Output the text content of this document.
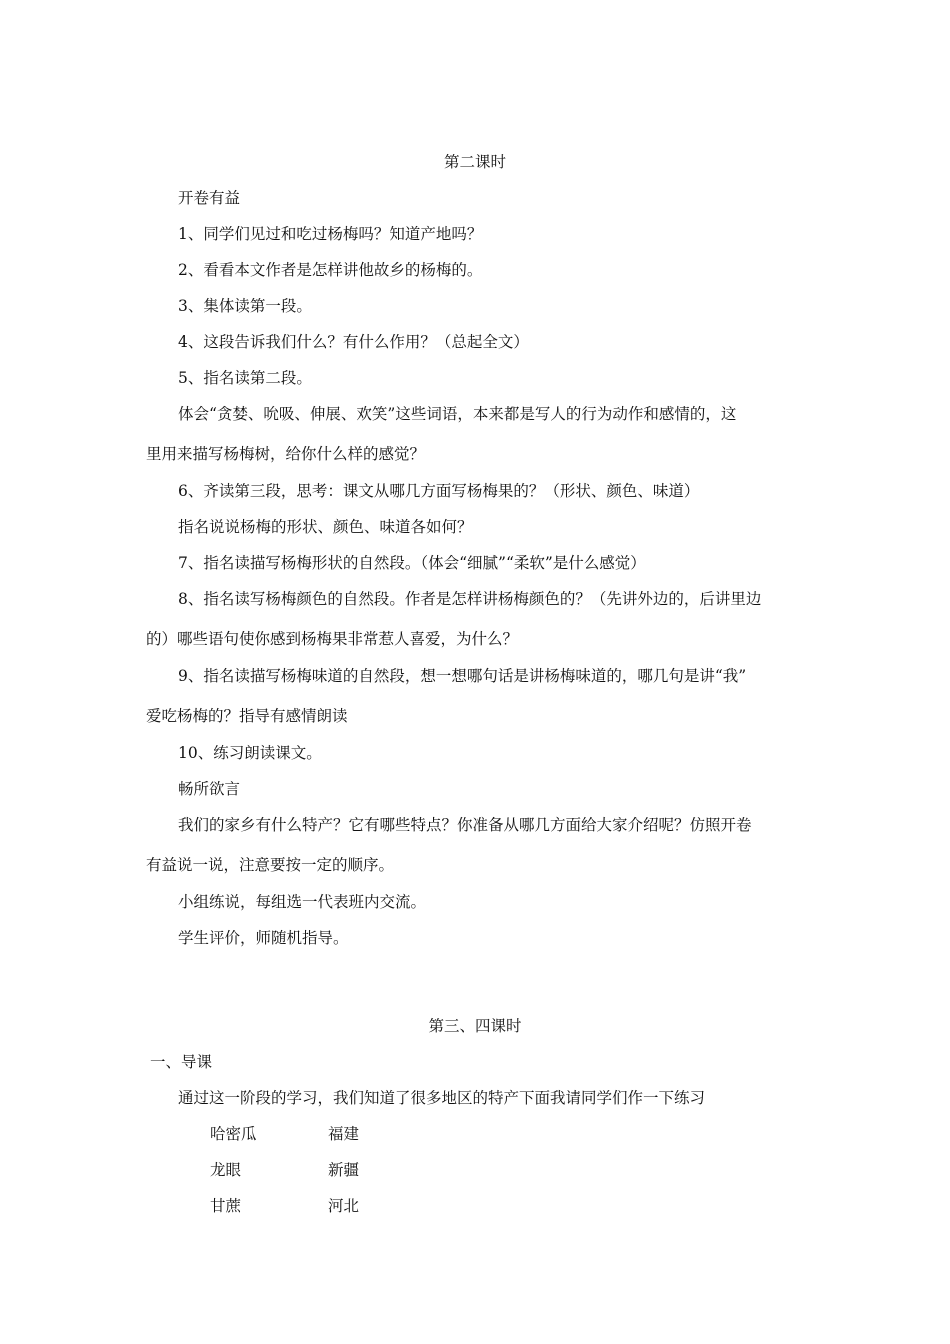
第二课时

开卷有益

1、同学们见过和吃过杨梅吗？知道产地吗？

2、看看本文作者是怎样讲他故乡的杨梅的。

3、集体读第一段。

4、这段告诉我们什么？有什么作用？（总起全文）

5、指名读第二段。

体会“贪婪、吮吸、伸展、欢笑”这些词语，本来都是写人的行为动作和感情的，这

里用来描写杨梅树，给你什么样的感觉？

6、齐读第三段，思考：课文从哪几方面写杨梅果的？（形状、颜色、味道）

指名说说杨梅的形状、颜色、味道各如何？

7、指名读描写杨梅形状的自然段。（体会“细腻”“柔软”是什么感觉）

8、指名读写杨梅颜色的自然段。作者是怎样讲杨梅颜色的？（先讲外边的，后讲里边

的）哪些语句使你感到杨梅果非常惹人喜爱，为什么？

9、指名读描写杨梅味道的自然段，想一想哪句话是讲杨梅味道的，哪几句是讲“我”

爱吃杨梅的？指导有感情朗读

10、练习朗读课文。

畅所欲言

我们的家乡有什么特产？它有哪些特点？你准备从哪几方面给大家介绍呢？仿照开卷

有益说一说，注意要按一定的顺序。

小组练说，每组选一代表班内交流。

学生评价，师随机指导。

第三、四课时

一、导课

通过这一阶段的学习，我们知道了很多地区的特产下面我请同学们作一下练习

哈密瓜	福建

龙眼	新疆

甘蔗	河北
